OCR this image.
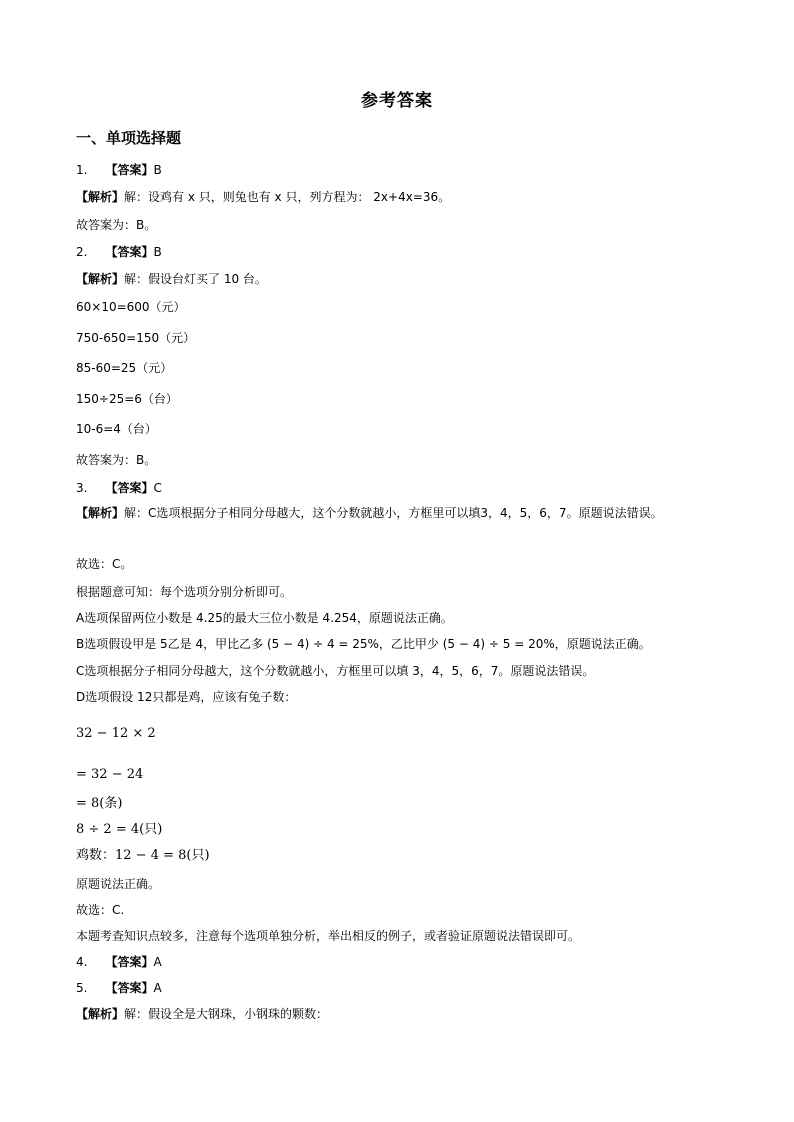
参考答案
一、单项选择题
1. 【答案】B
【解析】解：设鸡有 x 只，则兔也有 x 只，列方程为： 2x+4x=36。
故答案为：B。
2. 【答案】B
【解析】解：假设台灯买了 10 台。
60×10=600（元）
750-650=150（元）
85-60=25（元）
150÷25=6（台）
10-6=4（台）
故答案为：B。
3. 【答案】C
【解析】解：C选项根据分子相同分母越大，这个分数就越小，方框里可以填3，4，5，6，7。原题说法错误。
故选：C。
根据题意可知：每个选项分别分析即可。
A选项保留两位小数是 4.25的最大三位小数是 4.254，原题说法正确。
B选项假设甲是 5乙是 4，甲比乙多 (5 − 4) ÷ 4 = 25%，乙比甲少 (5 − 4) ÷ 5 = 20%，原题说法正确。
C选项根据分子相同分母越大，这个分数就越小，方框里可以填 3，4，5，6，7。原题说法错误。
D选项假设 12只都是鸡，应该有兔子数：
32 − 12 × 2
= 32 − 24
= 8(条)
8 ÷ 2 = 4(只)
鸡数：12 − 4 = 8(只)
原题说法正确。
故选：C.
本题考查知识点较多，注意每个选项单独分析，举出相反的例子，或者验证原题说法错误即可。
4. 【答案】A
5. 【答案】A
【解析】解：假设全是大钢珠，小钢珠的颗数：
